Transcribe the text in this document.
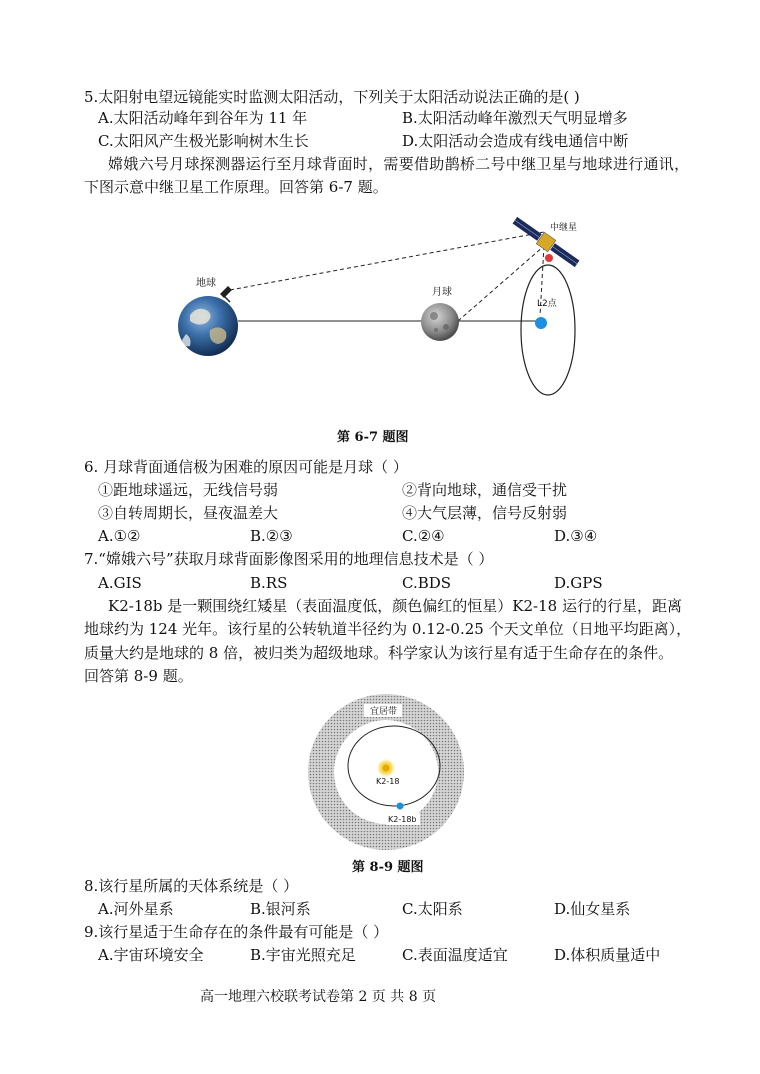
5.太阳射电望远镜能实时监测太阳活动，下列关于太阳活动说法正确的是( )
A.太阳活动峰年到谷年为 11 年	B.太阳活动峰年激烈天气明显增多
C.太阳风产生极光影响树木生长	D.太阳活动会造成有线电通信中断
嫦娥六号月球探测器运行至月球背面时，需要借助鹊桥二号中继卫星与地球进行通讯，
下图示意中继卫星工作原理。回答第 6-7 题。
地球
月球
中继星
L2点
第 6-7 题图
6. 月球背面通信极为困难的原因可能是月球（ ）
①距地球遥远，无线信号弱	②背向地球，通信受干扰
③自转周期长，昼夜温差大	④大气层薄，信号反射弱
A.①②	B.②③	C.②④	D.③④
7.“嫦娥六号”获取月球背面影像图采用的地理信息技术是（ ）
A.GIS	B.RS	C.BDS	D.GPS
K2-18b 是一颗围绕红矮星（表面温度低，颜色偏红的恒星）K2-18 运行的行星，距离
地球约为 124 光年。该行星的公转轨道半径约为 0.12-0.25 个天文单位（日地平均距离），
质量大约是地球的 8 倍，被归类为超级地球。科学家认为该行星有适于生命存在的条件。
回答第 8-9 题。
宜居带
K2-18
K2-18b
第 8-9 题图
8.该行星所属的天体系统是（ ）
A.河外星系	B.银河系	C.太阳系	D.仙女星系
9.该行星适于生命存在的条件最有可能是（ ）
A.宇宙环境安全	B.宇宙光照充足	C.表面温度适宜	D.体积质量适中
高一地理六校联考试卷第 2 页 共 8 页
